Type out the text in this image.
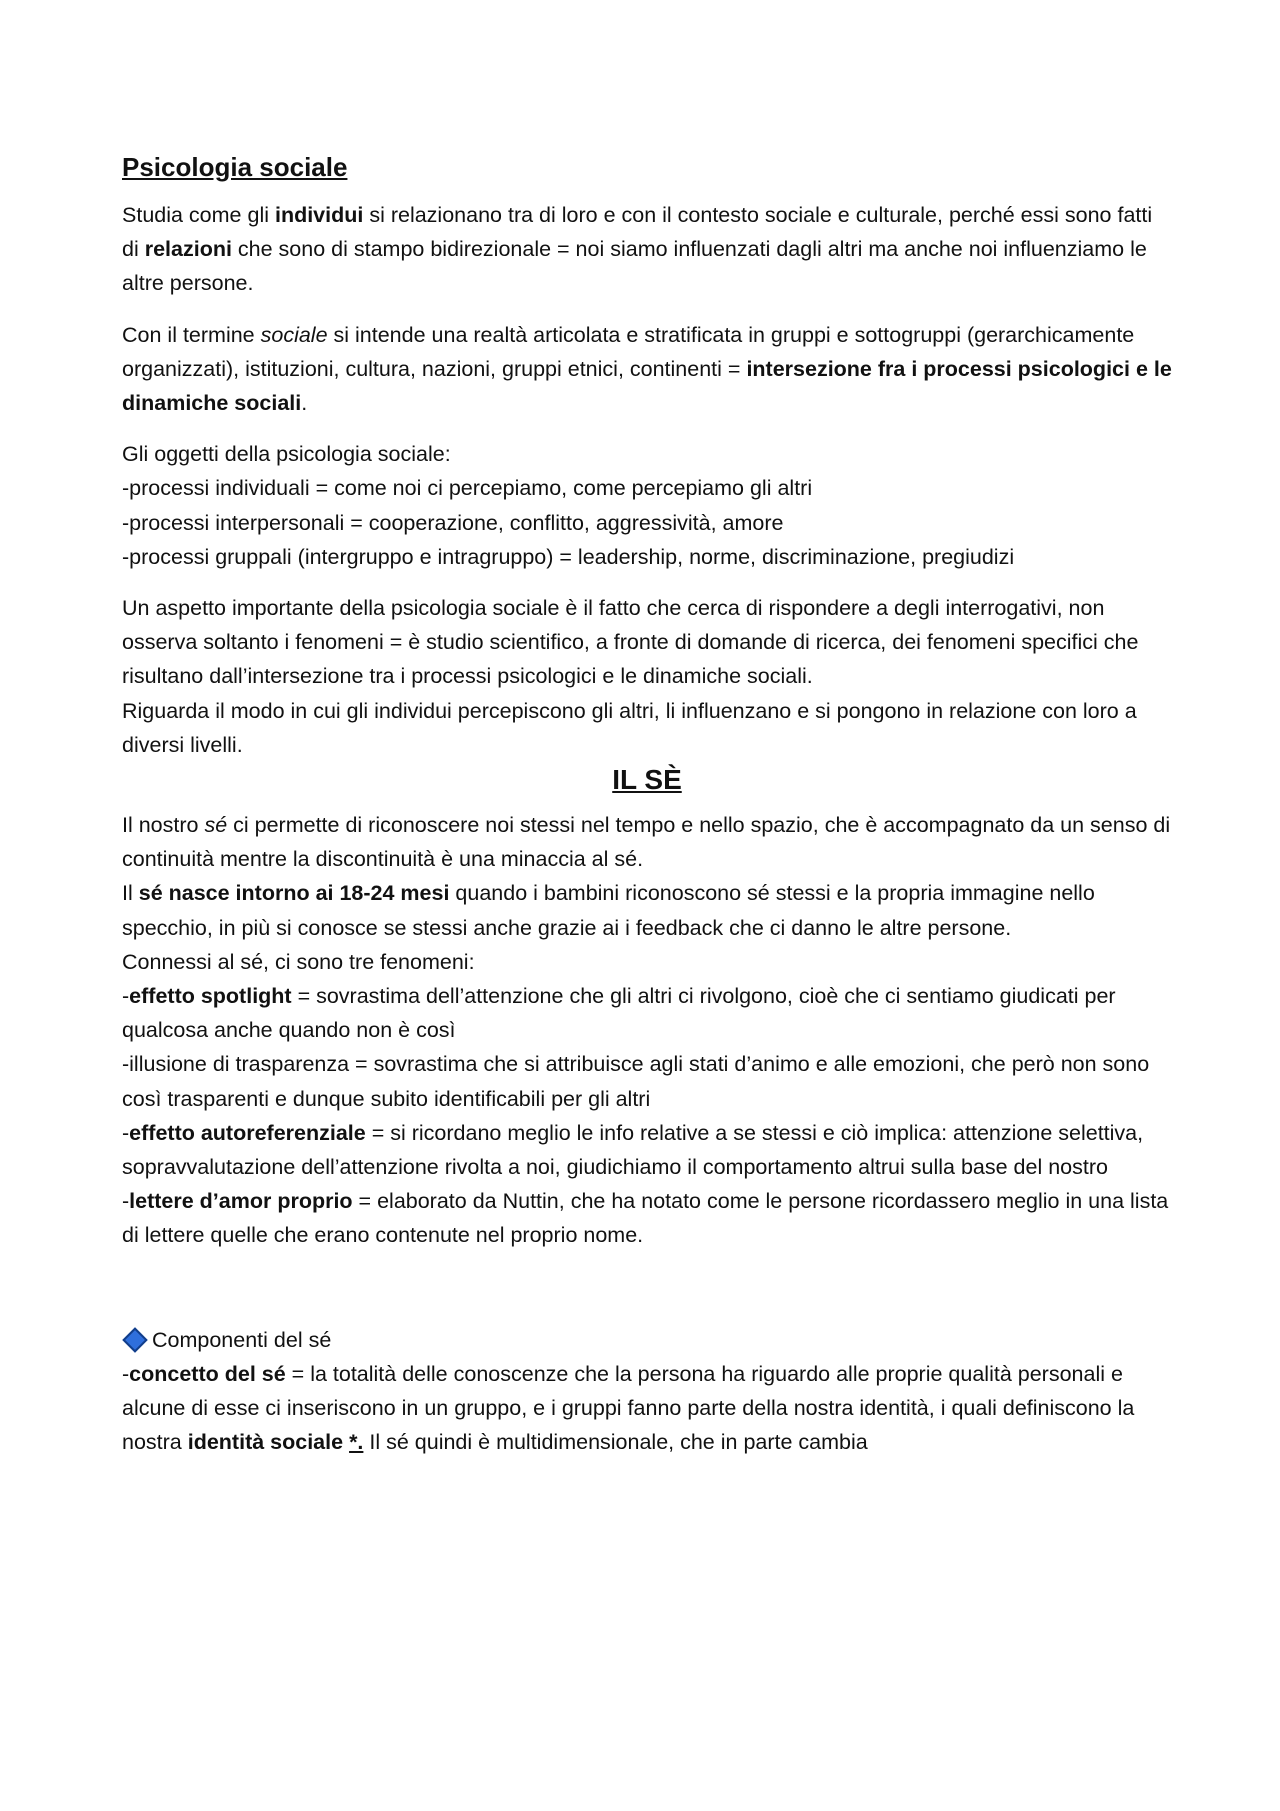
Psicologia sociale

Studia come gli individui si relazionano tra di loro e con il contesto sociale e culturale, perché essi sono fatti di relazioni che sono di stampo bidirezionale = noi siamo influenzati dagli altri ma anche noi influenziamo le altre persone.

Con il termine sociale si intende una realtà articolata e stratificata in gruppi e sottogruppi (gerarchicamente organizzati), istituzioni, cultura, nazioni, gruppi etnici, continenti = intersezione fra i processi psicologici e le dinamiche sociali.

Gli oggetti della psicologia sociale:

-processi individuali = come noi ci percepiamo, come percepiamo gli altri

-processi interpersonali = cooperazione, conflitto, aggressività, amore

-processi gruppali (intergruppo e intragruppo) = leadership, norme, discriminazione, pregiudizi

Un aspetto importante della psicologia sociale è il fatto che cerca di rispondere a degli interrogativi, non osserva soltanto i fenomeni = è studio scientifico, a fronte di domande di ricerca, dei fenomeni specifici che risultano dall’intersezione tra i processi psicologici e le dinamiche sociali.

Riguarda il modo in cui gli individui percepiscono gli altri, li influenzano e si pongono in relazione con loro a diversi livelli.

IL SÈ

Il nostro sé ci permette di riconoscere noi stessi nel tempo e nello spazio, che è accompagnato da un senso di continuità mentre la discontinuità è una minaccia al sé.

Il sé nasce intorno ai 18-24 mesi quando i bambini riconoscono sé stessi e la propria immagine nello specchio, in più si conosce se stessi anche grazie ai i feedback che ci danno le altre persone.

Connessi al sé, ci sono tre fenomeni:

-effetto spotlight = sovrastima dell’attenzione che gli altri ci rivolgono, cioè che ci sentiamo giudicati per qualcosa anche quando non è così

-illusione di trasparenza = sovrastima che si attribuisce agli stati d’animo e alle emozioni, che però non sono così trasparenti e dunque subito identificabili per gli altri

-effetto autoreferenziale = si ricordano meglio le info relative a se stessi e ciò implica: attenzione selettiva, sopravvalutazione dell’attenzione rivolta a noi, giudichiamo il comportamento altrui sulla base del nostro

-lettere d’amor proprio = elaborato da Nuttin, che ha notato come le persone ricordassero meglio in una lista di lettere quelle che erano contenute nel proprio nome.

Componenti del sé

-concetto del sé = la totalità delle conoscenze che la persona ha riguardo alle proprie qualità personali e alcune di esse ci inseriscono in un gruppo, e i gruppi fanno parte della nostra identità, i quali definiscono la nostra identità sociale *. Il sé quindi è multidimensionale, che in parte cambia
